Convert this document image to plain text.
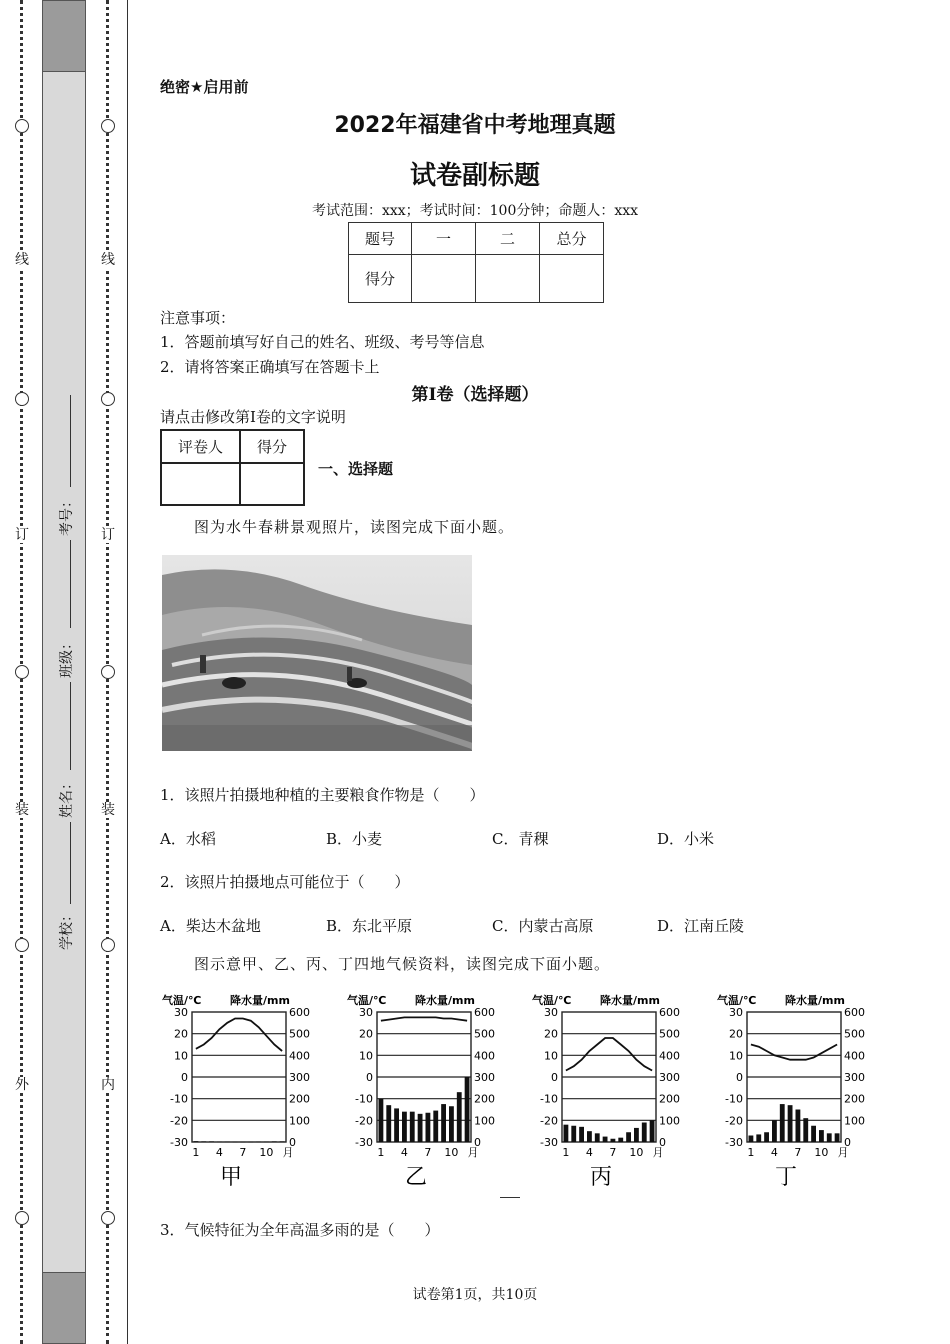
线
订
装
外
线
订
装
内
考号：
班级：
姓名：
学校：
绝密★启用前
2022年福建省中考地理真题
试卷副标题
考试范围：xxx；考试时间：100分钟；命题人：xxx
题号	一	二	总分
得分			
注意事项：
1．答题前填写好自己的姓名、班级、考号等信息
2．请将答案正确填写在答题卡上
第I卷（选择题）
请点击修改第I卷的文字说明
评卷人	得分

一、选择题
图为水牛春耕景观照片，读图完成下面小题。
1．该照片拍摄地种植的主要粮食作物是（　　）
A．水稻	B．小麦	C．青稞	D．小米
2．该照片拍摄地点可能位于（　　）
A．柴达木盆地	B．东北平原	C．内蒙古高原	D．江南丘陵
图示意甲、乙、丙、丁四地气候资料，读图完成下面小题。
气温/℃	降水量/mm
30	600
20	500
10	400
0	300
-10	200
-20	100
-30	0
1 4 7 10 月
甲
气温/℃	降水量/mm
30	600
20	500
10	400
0	300
-10	200
-20	100
-30	0
1 4 7 10 月
乙
气温/℃	降水量/mm
30	600
20	500
10	400
0	300
-10	200
-20	100
-30	0
1 4 7 10 月
丙
气温/℃	降水量/mm
30	600
20	500
10	400
0	300
-10	200
-20	100
-30	0
1 4 7 10 月
丁
3．气候特征为全年高温多雨的是（　　）
试卷第1页，共10页
